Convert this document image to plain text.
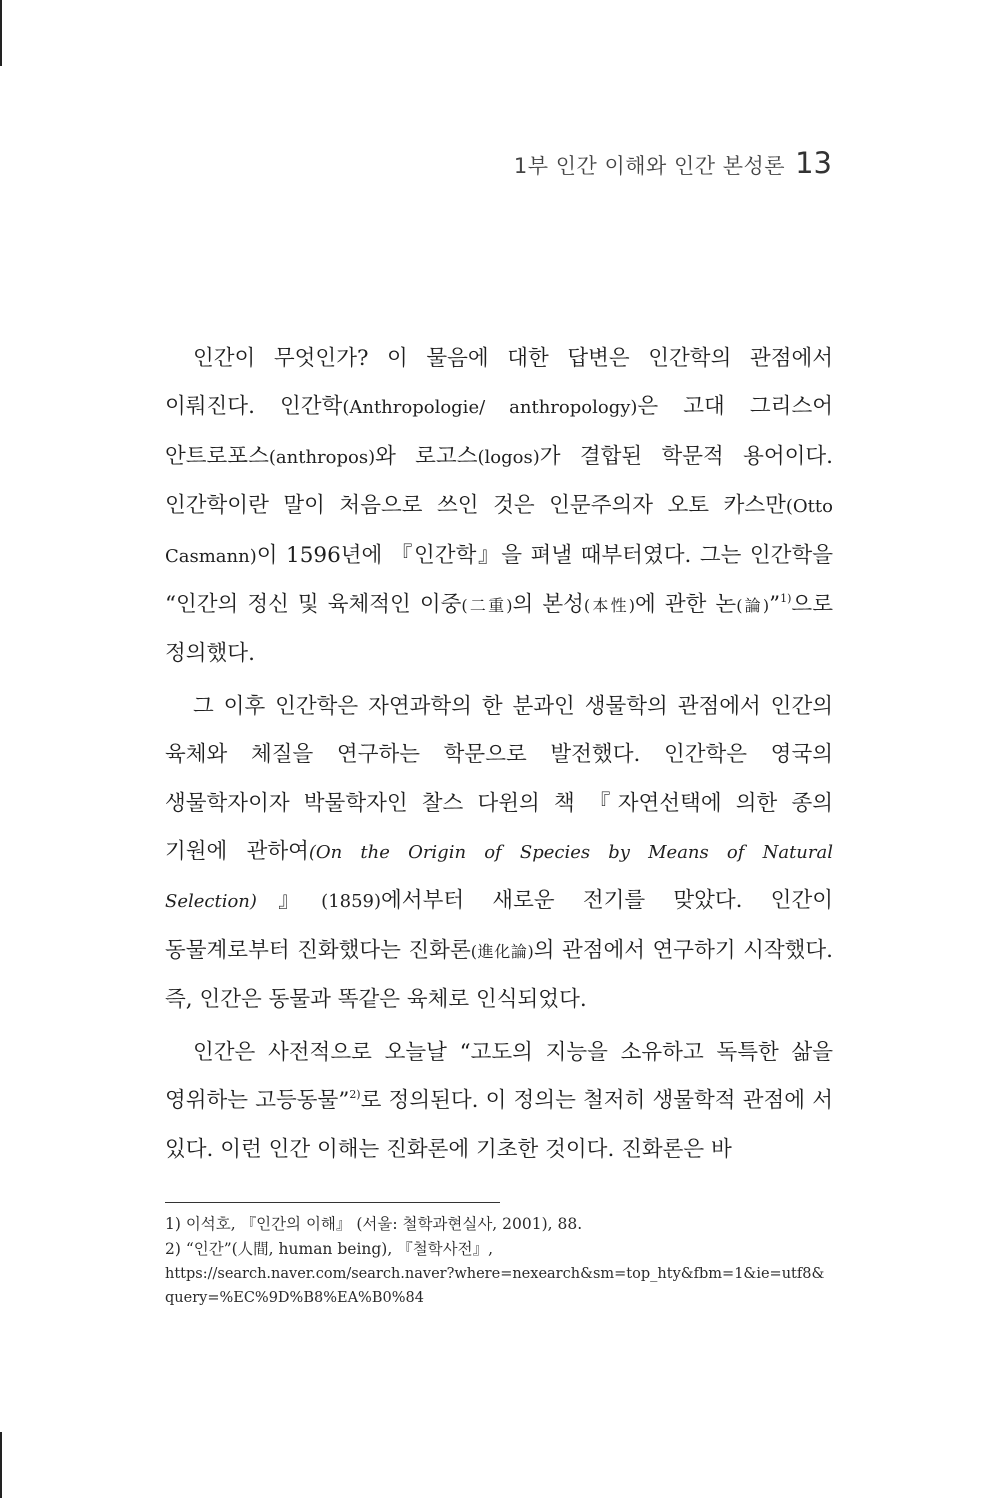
1부 인간 이해와 인간 본성론 13

인간이 무엇인가? 이 물음에 대한 답변은 인간학의 관점에서 이뤄진다. 인간학(Anthropologie/ anthropology)은 고대 그리스어 안트로포스(anthropos)와 로고스(logos)가 결합된 학문적 용어이다. 인간학이란 말이 처음으로 쓰인 것은 인문주의자 오토 카스만(Otto Casmann)이 1596년에 『인간학』을 펴낼 때부터였다. 그는 인간학을 “인간의 정신 및 육체적인 이중(二重)의 본성(本性)에 관한 논(論)”$^{1)}$으로 정의했다.

그 이후 인간학은 자연과학의 한 분과인 생물학의 관점에서 인간의 육체와 체질을 연구하는 학문으로 발전했다. 인간학은 영국의 생물학자이자 박물학자인 찰스 다윈의 책 『자연선택에 의한 종의 기원에 관하여(On the Origin of Species by Means of Natural Selection)』(1859)에서부터 새로운 전기를 맞았다. 인간이 동물계로부터 진화했다는 진화론(進化論)의 관점에서 연구하기 시작했다. 즉, 인간은 동물과 똑같은 육체로 인식되었다.

인간은 사전적으로 오늘날 “고도의 지능을 소유하고 독특한 삶을 영위하는 고등동물”$^{2)}$로 정의된다. 이 정의는 철저히 생물학적 관점에 서 있다. 이런 인간 이해는 진화론에 기초한 것이다. 진화론은 바

1) 이석호, 『인간의 이해』 (서울: 철학과현실사, 2001), 88.

2) “인간”(人間, human being), 『철학사전』,

https://search.naver.com/search.naver?where=nexearch&sm=top_hty&fbm=1&ie=utf8&query=%EC%9D%B8%EA%B0%84
